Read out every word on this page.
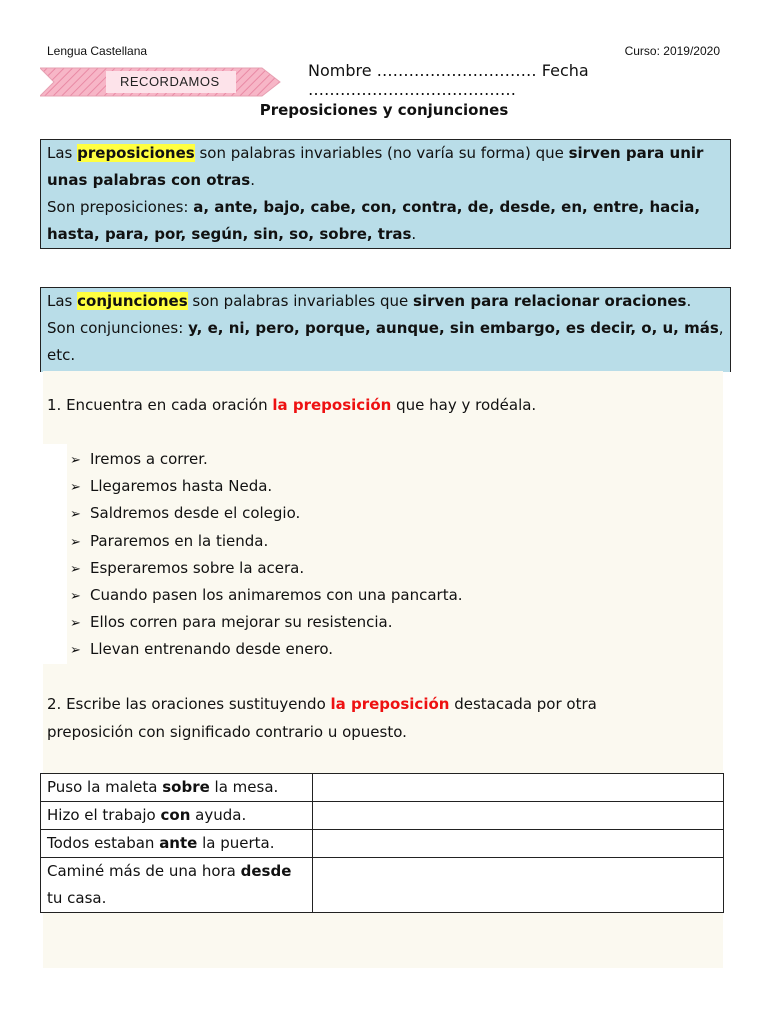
Lengua Castellana	Curso: 2019/2020
RECORDAMOS
Nombre ………………………… Fecha …………………………………
Preposiciones y conjunciones
Las preposiciones son palabras invariables (no varía su forma) que sirven para unir unas palabras con otras.
Son preposiciones: a, ante, bajo, cabe, con, contra, de, desde, en, entre, hacia, hasta, para, por, según, sin, so, sobre, tras.
Las conjunciones son palabras invariables que sirven para relacionar oraciones.
Son conjunciones: y, e, ni, pero, porque, aunque, sin embargo, es decir, o, u, más, etc.
1. Encuentra en cada oración la preposición que hay y rodéala.
➢ Iremos a correr.
➢ Llegaremos hasta Neda.
➢ Saldremos desde el colegio.
➢ Pararemos en la tienda.
➢ Esperaremos sobre la acera.
➢ Cuando pasen los animaremos con una pancarta.
➢ Ellos corren para mejorar su resistencia.
➢ Llevan entrenando desde enero.
2. Escribe las oraciones sustituyendo la preposición destacada por otra preposición con significado contrario u opuesto.
Puso la maleta sobre la mesa.	
Hizo el trabajo con ayuda.	
Todos estaban ante la puerta.	
Caminé más de una hora desde tu casa.	
